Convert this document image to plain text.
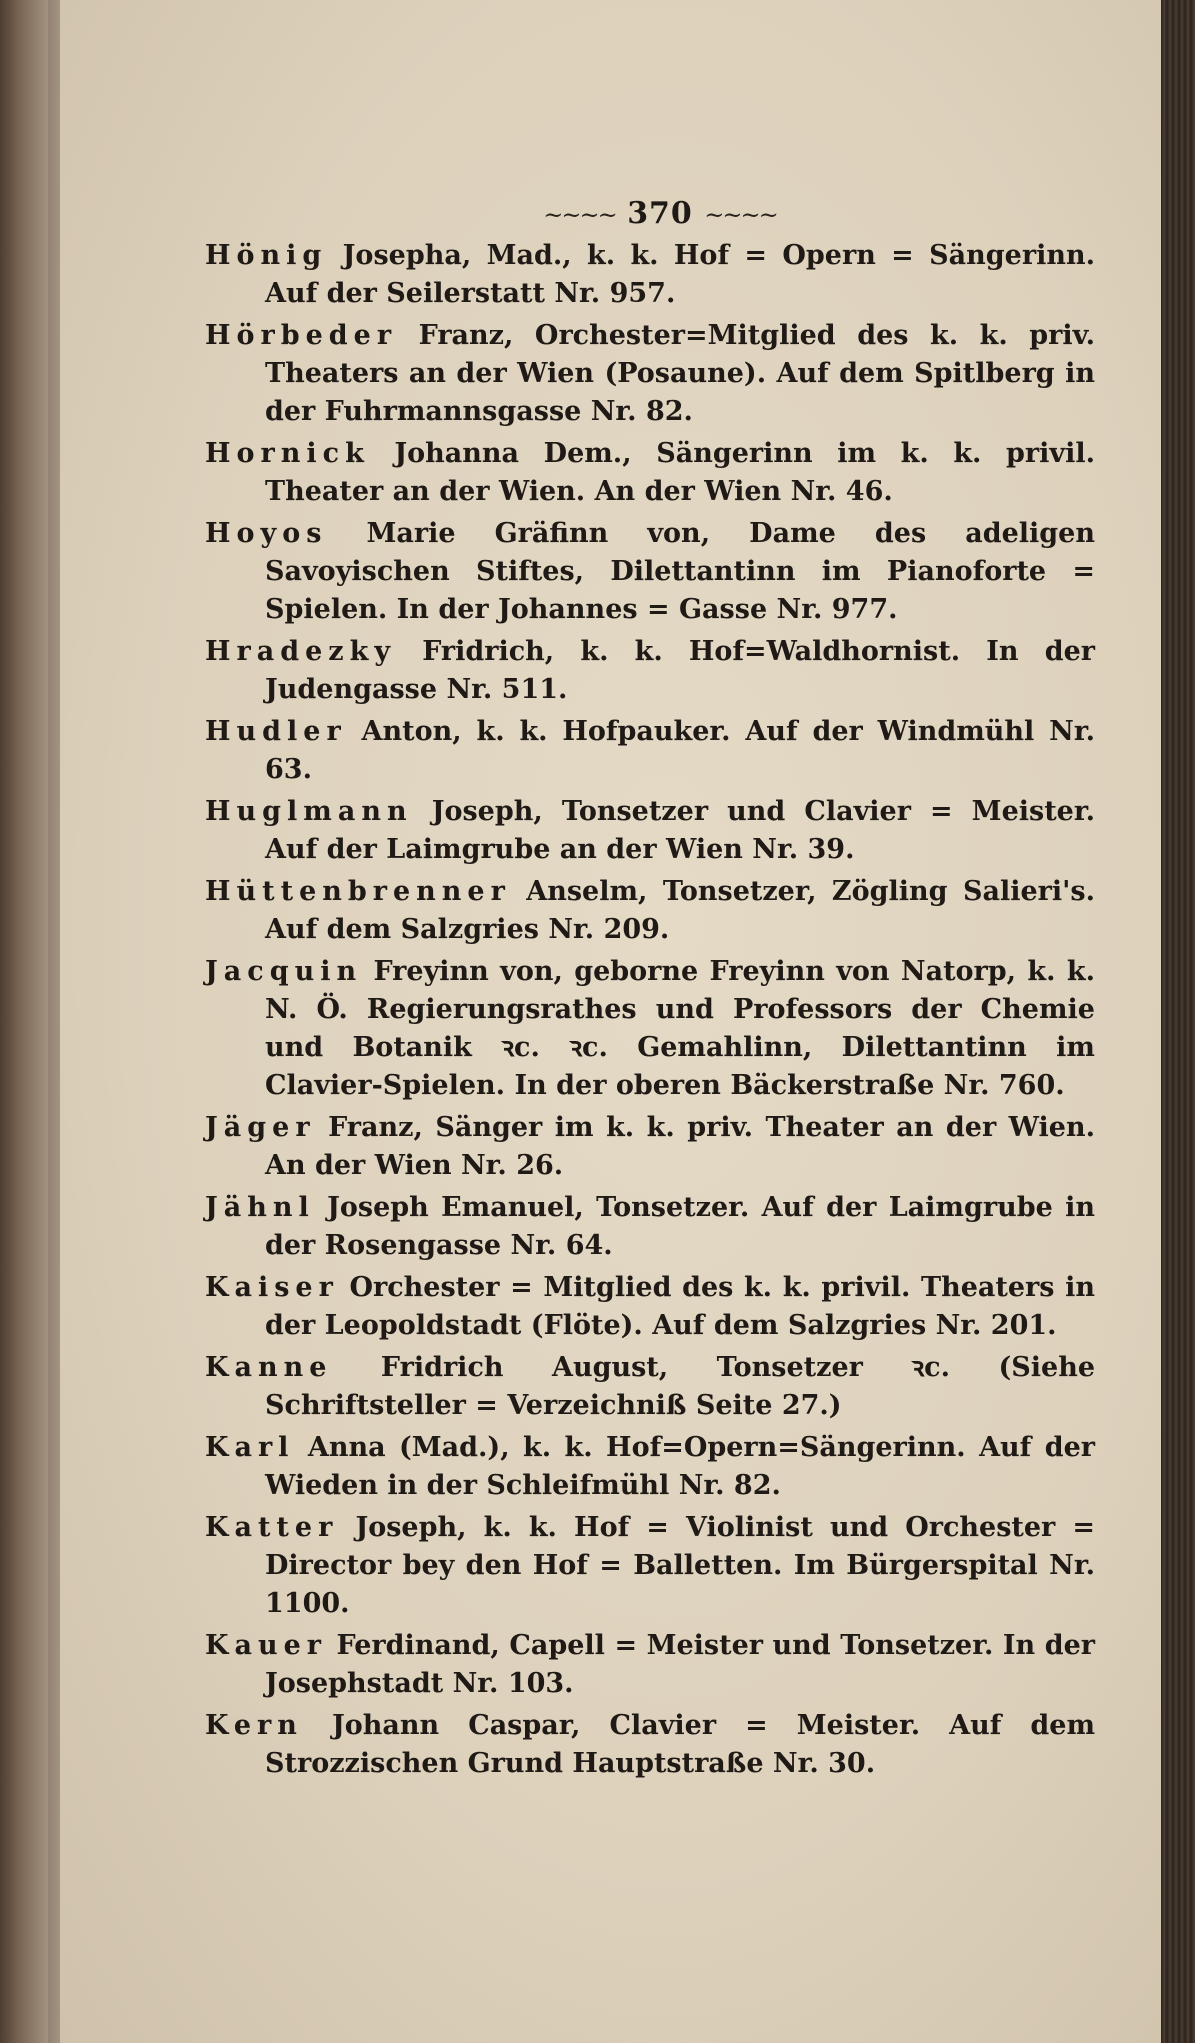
~~~~ 370 ~~~~

Hönig Josepha, Mad., k. k. Hof = Opern = Sängerinn. Auf der Seilerstatt Nr. 957.

Hörbeder Franz, Orchester=Mitglied des k. k. priv. Theaters an der Wien (Posaune). Auf dem Spitlberg in der Fuhrmannsgasse Nr. 82.

Hornick Johanna Dem., Sängerinn im k. k. privil. Theater an der Wien. An der Wien Nr. 46.

Hoyos Marie Gräfinn von, Dame des adeligen Savoyischen Stiftes, Dilettantinn im Pianoforte = Spielen. In der Johannes = Gasse Nr. 977.

Hradezky Fridrich, k. k. Hof=Waldhornist. In der Judengasse Nr. 511.

Hudler Anton, k. k. Hofpauker. Auf der Windmühl Nr. 63.

Huglmann Joseph, Tonsetzer und Clavier = Meister. Auf der Laimgrube an der Wien Nr. 39.

Hüttenbrenner Anselm, Tonsetzer, Zögling Salieri's. Auf dem Salzgries Nr. 209.

Jacquin Freyinn von, geborne Freyinn von Natorp, k. k. N. Ö. Regierungsrathes und Professors der Chemie und Botanik ꝛc. ꝛc. Gemahlinn, Dilettantinn im Clavier-Spielen. In der oberen Bäckerstraße Nr. 760.

Jäger Franz, Sänger im k. k. priv. Theater an der Wien. An der Wien Nr. 26.

Jähnl Joseph Emanuel, Tonsetzer. Auf der Laimgrube in der Rosengasse Nr. 64.

Kaiser Orchester = Mitglied des k. k. privil. Theaters in der Leopoldstadt (Flöte). Auf dem Salzgries Nr. 201.

Kanne Fridrich August, Tonsetzer ꝛc. (Siehe Schriftsteller = Verzeichniß Seite 27.)

Karl Anna (Mad.), k. k. Hof=Opern=Sängerinn. Auf der Wieden in der Schleifmühl Nr. 82.

Katter Joseph, k. k. Hof = Violinist und Orchester = Director bey den Hof = Balletten. Im Bürgerspital Nr. 1100.

Kauer Ferdinand, Capell = Meister und Tonsetzer. In der Josephstadt Nr. 103.

Kern Johann Caspar, Clavier = Meister. Auf dem Strozzischen Grund Hauptstraße Nr. 30.
